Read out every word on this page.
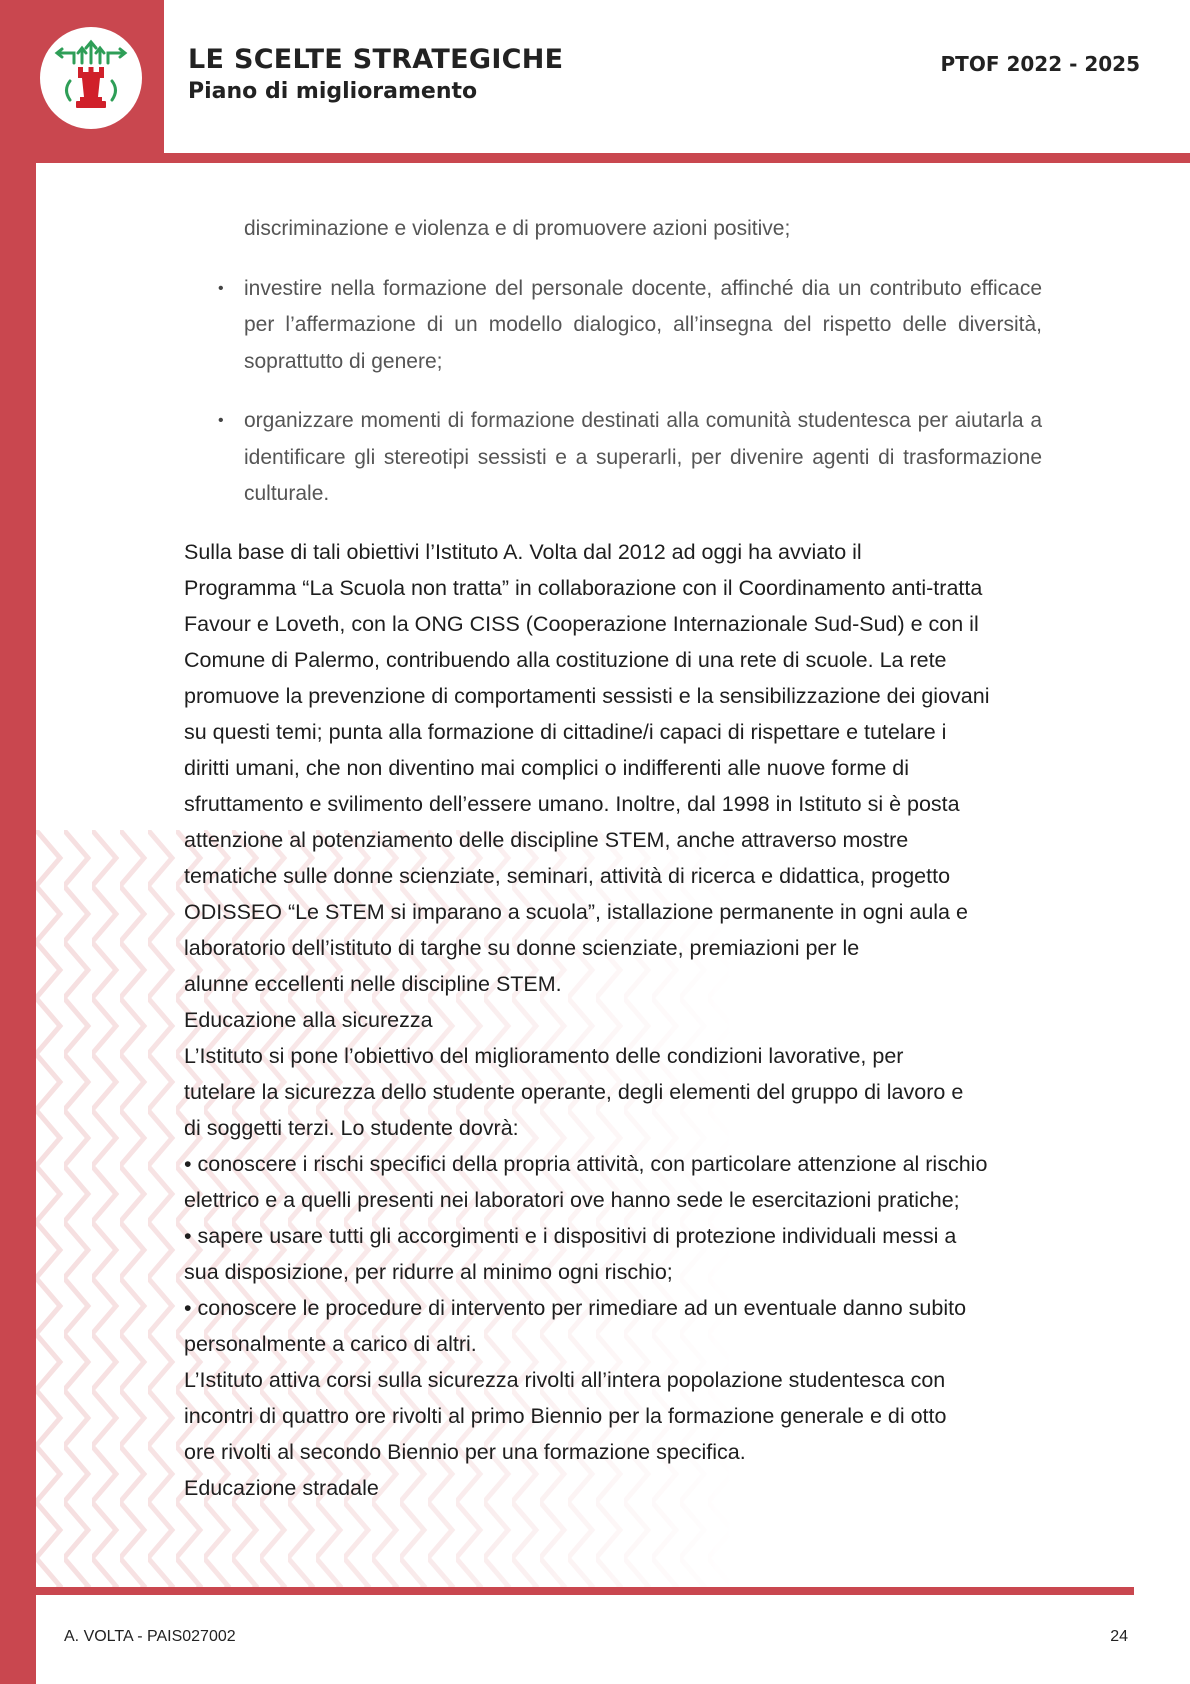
LE SCELTE STRATEGICHE
Piano di miglioramento
PTOF 2022 - 2025

discriminazione e violenza e di promuovere azioni positive;

• investire nella formazione del personale docente, affinché dia un contributo efficace per l’affermazione di un modello dialogico, all’insegna del rispetto delle diversità, soprattutto di genere;

• organizzare momenti di formazione destinati alla comunità studentesca per aiutarla a identificare gli stereotipi sessisti e a superarli, per divenire agenti di trasformazione culturale.

Sulla base di tali obiettivi l’Istituto A. Volta dal 2012 ad oggi ha avviato il

Programma “La Scuola non tratta” in collaborazione con il Coordinamento anti-tratta

Favour e Loveth, con la ONG CISS (Cooperazione Internazionale Sud-Sud) e con il

Comune di Palermo, contribuendo alla costituzione di una rete di scuole. La rete

promuove la prevenzione di comportamenti sessisti e la sensibilizzazione dei giovani

su questi temi; punta alla formazione di cittadine/i capaci di rispettare e tutelare i

diritti umani, che non diventino mai complici o indifferenti alle nuove forme di

sfruttamento e svilimento dell’essere umano. Inoltre, dal 1998 in Istituto si è posta

attenzione al potenziamento delle discipline STEM, anche attraverso mostre

tematiche sulle donne scienziate, seminari, attività di ricerca e didattica, progetto

ODISSEO “Le STEM si imparano a scuola”, istallazione permanente in ogni aula e

laboratorio dell’istituto di targhe su donne scienziate, premiazioni per le

alunne eccellenti nelle discipline STEM.

Educazione alla sicurezza

L’Istituto si pone l’obiettivo del miglioramento delle condizioni lavorative, per

tutelare la sicurezza dello studente operante, degli elementi del gruppo di lavoro e

di soggetti terzi. Lo studente dovrà:

• conoscere i rischi specifici della propria attività, con particolare attenzione al rischio

elettrico e a quelli presenti nei laboratori ove hanno sede le esercitazioni pratiche;

• sapere usare tutti gli accorgimenti e i dispositivi di protezione individuali messi a

sua disposizione, per ridurre al minimo ogni rischio;

• conoscere le procedure di intervento per rimediare ad un eventuale danno subito

personalmente a carico di altri.

L’Istituto attiva corsi sulla sicurezza rivolti all’intera popolazione studentesca con

incontri di quattro ore rivolti al primo Biennio per la formazione generale e di otto

ore rivolti al secondo Biennio per una formazione specifica.

Educazione stradale

A. VOLTA - PAIS027002	24
